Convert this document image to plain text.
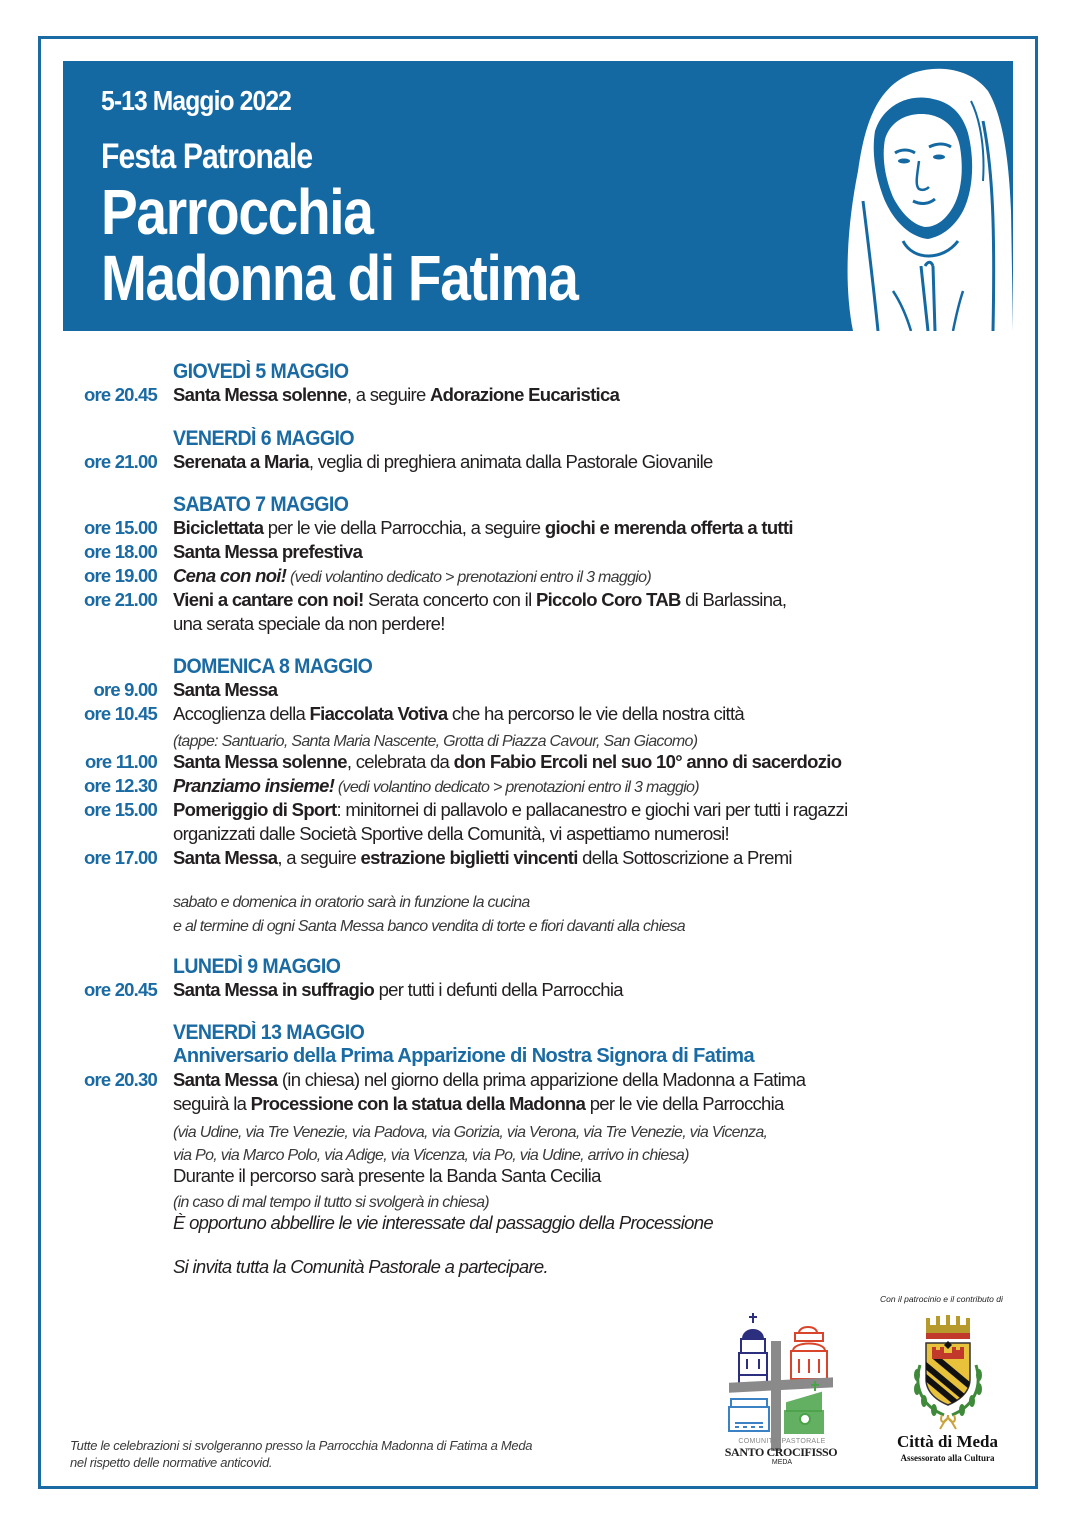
5-13 Maggio 2022
Festa Patronale
Parrocchia
Madonna di Fatima
GIOVEDÌ 5 MAGGIO
ore 20.45 Santa Messa solenne, a seguire Adorazione Eucaristica
VENERDÌ 6 MAGGIO
ore 21.00 Serenata a Maria, veglia di preghiera animata dalla Pastorale Giovanile
SABATO 7 MAGGIO
ore 15.00 Biciclettata per le vie della Parrocchia, a seguire giochi e merenda offerta a tutti
ore 18.00 Santa Messa prefestiva
ore 19.00 Cena con noi! (vedi volantino dedicato > prenotazioni entro il 3 maggio)
ore 21.00 Vieni a cantare con noi! Serata concerto con il Piccolo Coro TAB di Barlassina,
una serata speciale da non perdere!
DOMENICA 8 MAGGIO
ore 9.00 Santa Messa
ore 10.45 Accoglienza della Fiaccolata Votiva che ha percorso le vie della nostra città
(tappe: Santuario, Santa Maria Nascente, Grotta di Piazza Cavour, San Giacomo)
ore 11.00 Santa Messa solenne, celebrata da don Fabio Ercoli nel suo 10° anno di sacerdozio
ore 12.30 Pranziamo insieme! (vedi volantino dedicato > prenotazioni entro il 3 maggio)
ore 15.00 Pomeriggio di Sport: minitornei di pallavolo e pallacanestro e giochi vari per tutti i ragazzi
organizzati dalle Società Sportive della Comunità, vi aspettiamo numerosi!
ore 17.00 Santa Messa, a seguire estrazione biglietti vincenti della Sottoscrizione a Premi
sabato e domenica in oratorio sarà in funzione la cucina
e al termine di ogni Santa Messa banco vendita di torte e fiori davanti alla chiesa
LUNEDÌ 9 MAGGIO
ore 20.45 Santa Messa in suffragio per tutti i defunti della Parrocchia
VENERDÌ 13 MAGGIO
Anniversario della Prima Apparizione di Nostra Signora di Fatima
ore 20.30 Santa Messa (in chiesa) nel giorno della prima apparizione della Madonna a Fatima
seguirà la Processione con la statua della Madonna per le vie della Parrocchia
(via Udine, via Tre Venezie, via Padova, via Gorizia, via Verona, via Tre Venezie, via Vicenza,
via Po, via Marco Polo, via Adige, via Vicenza, via Po, via Udine, arrivo in chiesa)
Durante il percorso sarà presente la Banda Santa Cecilia
(in caso di mal tempo il tutto si svolgerà in chiesa)
È opportuno abbellire le vie interessate dal passaggio della Processione
Si invita tutta la Comunità Pastorale a partecipare.
Tutte le celebrazioni si svolgeranno presso la Parrocchia Madonna di Fatima a Meda
nel rispetto delle normative anticovid.
COMUNITA' PASTORALE
SANTO CROCIFISSO
MEDA
Con il patrocinio e il contributo di
Città di Meda
Assessorato alla Cultura
